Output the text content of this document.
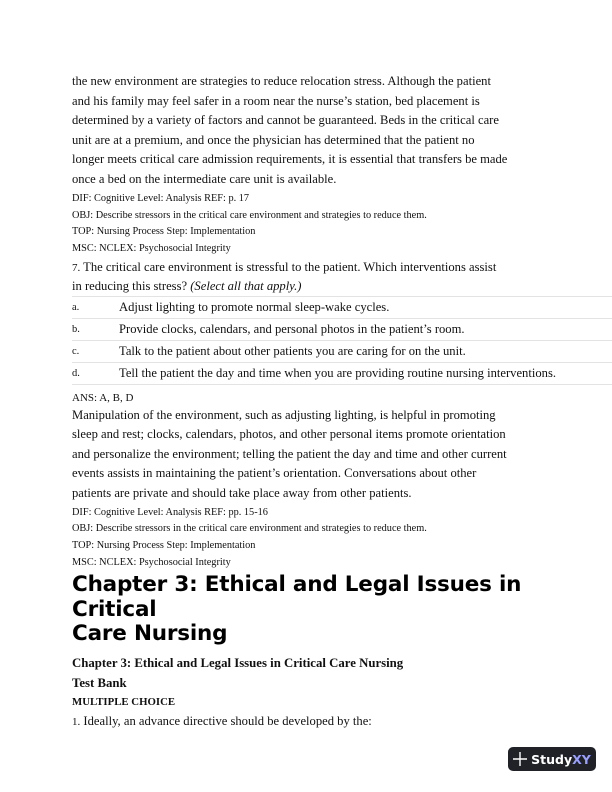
the new environment are strategies to reduce relocation stress. Although the patient
and his family may feel safer in a room near the nurse’s station, bed placement is
determined by a variety of factors and cannot be guaranteed. Beds in the critical care
unit are at a premium, and once the physician has determined that the patient no
longer meets critical care admission requirements, it is essential that transfers be made
once a bed on the intermediate care unit is available.
DIF: Cognitive Level: Analysis REF: p. 17
OBJ: Describe stressors in the critical care environment and strategies to reduce them.
TOP: Nursing Process Step: Implementation
MSC: NCLEX: Psychosocial Integrity
7. The critical care environment is stressful to the patient. Which interventions assist
in reducing this stress? (Select all that apply.)
a.	Adjust lighting to promote normal sleep-wake cycles.
b.	Provide clocks, calendars, and personal photos in the patient’s room.
c.	Talk to the patient about other patients you are caring for on the unit.
d.	Tell the patient the day and time when you are providing routine nursing interventions.
ANS: A, B, D
Manipulation of the environment, such as adjusting lighting, is helpful in promoting
sleep and rest; clocks, calendars, photos, and other personal items promote orientation
and personalize the environment; telling the patient the day and time and other current
events assists in maintaining the patient’s orientation. Conversations about other
patients are private and should take place away from other patients.
DIF: Cognitive Level: Analysis REF: pp. 15-16
OBJ: Describe stressors in the critical care environment and strategies to reduce them.
TOP: Nursing Process Step: Implementation
MSC: NCLEX: Psychosocial Integrity
Chapter 3: Ethical and Legal Issues in Critical
Care Nursing
Chapter 3: Ethical and Legal Issues in Critical Care Nursing
Test Bank
MULTIPLE CHOICE
1. Ideally, an advance directive should be developed by the:
StudyXY
